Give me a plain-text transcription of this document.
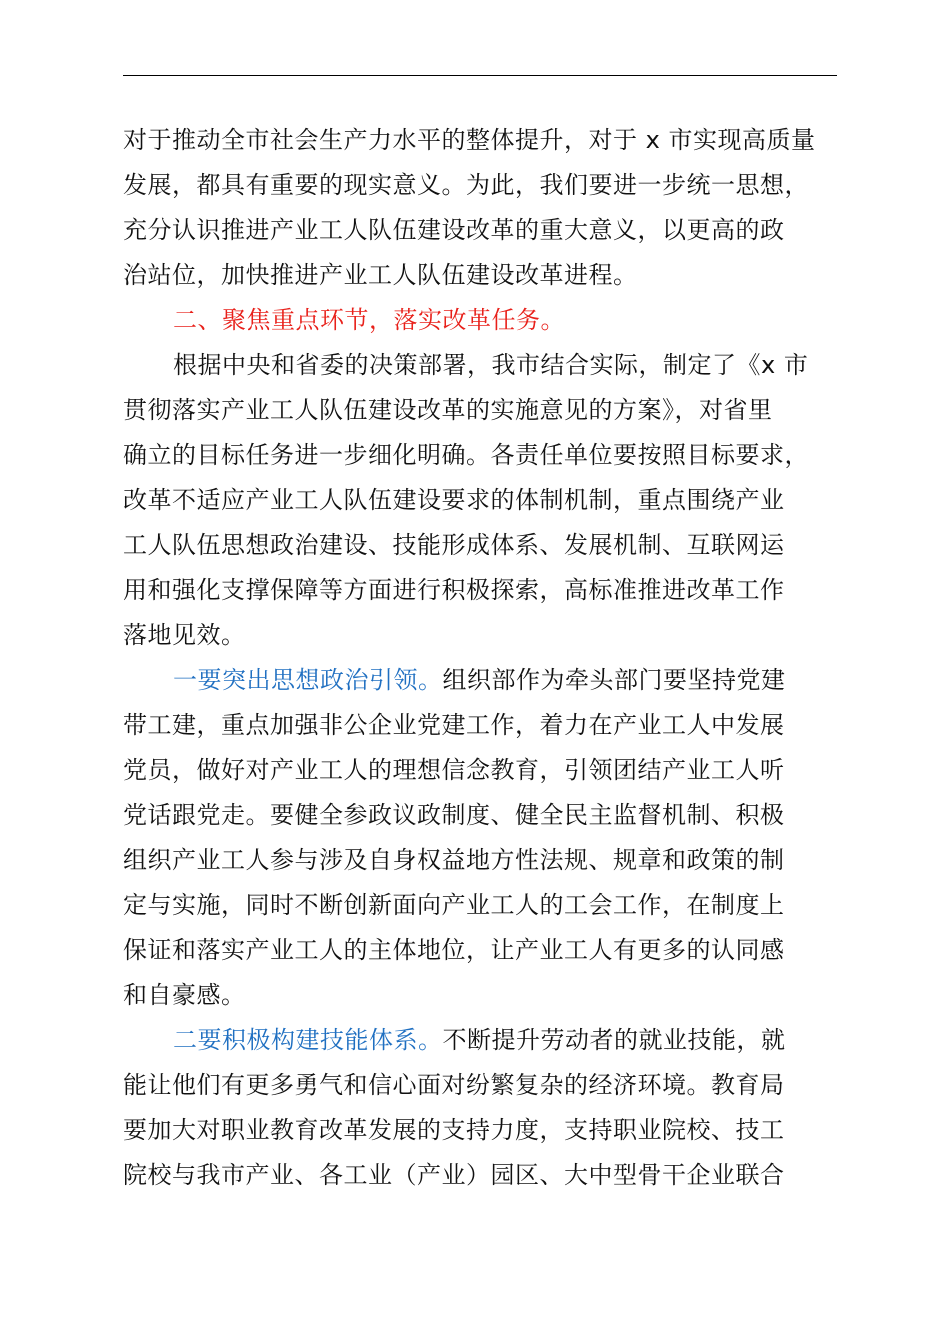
对于推动全市社会生产力水平的整体提升，对于 x 市实现高质量
发展，都具有重要的现实意义。为此，我们要进一步统一思想，
充分认识推进产业工人队伍建设改革的重大意义，以更高的政
治站位，加快推进产业工人队伍建设改革进程。
二、聚焦重点环节，落实改革任务。
根据中央和省委的决策部署，我市结合实际，制定了《x 市
贯彻落实产业工人队伍建设改革的实施意见的方案》，对省里
确立的目标任务进一步细化明确。各责任单位要按照目标要求，
改革不适应产业工人队伍建设要求的体制机制，重点围绕产业
工人队伍思想政治建设、技能形成体系、发展机制、互联网运
用和强化支撑保障等方面进行积极探索，高标准推进改革工作
落地见效。
一要突出思想政治引领。组织部作为牵头部门要坚持党建
带工建，重点加强非公企业党建工作，着力在产业工人中发展
党员，做好对产业工人的理想信念教育，引领团结产业工人听
党话跟党走。要健全参政议政制度、健全民主监督机制、积极
组织产业工人参与涉及自身权益地方性法规、规章和政策的制
定与实施，同时不断创新面向产业工人的工会工作，在制度上
保证和落实产业工人的主体地位，让产业工人有更多的认同感
和自豪感。
二要积极构建技能体系。不断提升劳动者的就业技能，就
能让他们有更多勇气和信心面对纷繁复杂的经济环境。教育局
要加大对职业教育改革发展的支持力度，支持职业院校、技工
院校与我市产业、各工业（产业）园区、大中型骨干企业联合
